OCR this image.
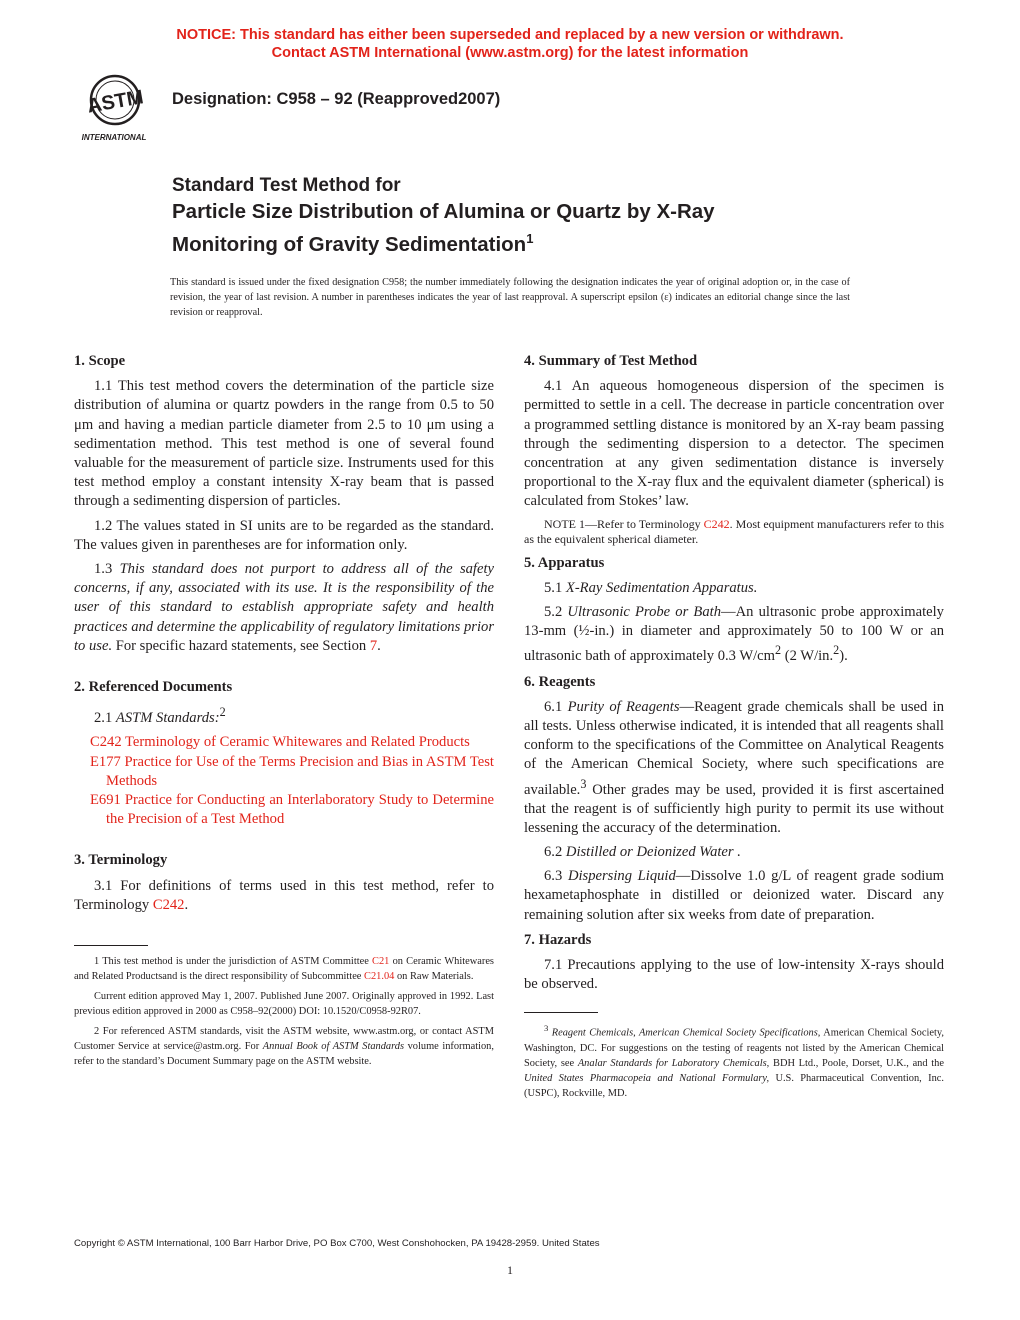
NOTICE: This standard has either been superseded and replaced by a new version or withdrawn.
Contact ASTM International (www.astm.org) for the latest information
ASTM
INTERNATIONAL
Designation: C958 – 92 (Reapproved2007)
Standard Test Method for
Particle Size Distribution of Alumina or Quartz by X-Ray
Monitoring of Gravity Sedimentation$^1$
This standard is issued under the fixed designation C958; the number immediately following the designation indicates the year of original adoption or, in the case of revision, the year of last revision. A number in parentheses indicates the year of last reapproval. A superscript epsilon (ε) indicates an editorial change since the last revision or reapproval.
1. Scope

1.1 This test method covers the determination of the particle size distribution of alumina or quartz powders in the range from 0.5 to 50 μm and having a median particle diameter from 2.5 to 10 μm using a sedimentation method. This test method is one of several found valuable for the measurement of particle size. Instruments used for this test method employ a constant intensity X-ray beam that is passed through a sedimenting dispersion of particles.

1.2 The values stated in SI units are to be regarded as the standard. The values given in parentheses are for information only.

1.3 This standard does not purport to address all of the safety concerns, if any, associated with its use. It is the responsibility of the user of this standard to establish appropriate safety and health practices and determine the applicability of regulatory limitations prior to use. For specific hazard statements, see Section 7.

2. Referenced Documents

2.1 ASTM Standards:$^2$

C242 Terminology of Ceramic Whitewares and Related Products
E177 Practice for Use of the Terms Precision and Bias in ASTM Test Methods
E691 Practice for Conducting an Interlaboratory Study to Determine the Precision of a Test Method
3. Terminology

3.1 For definitions of terms used in this test method, refer to Terminology C242.

1 This test method is under the jurisdiction of ASTM Committee C21 on Ceramic Whitewares and Related Productsand is the direct responsibility of Subcommittee C21.04 on Raw Materials.

Current edition approved May 1, 2007. Published June 2007. Originally approved in 1992. Last previous edition approved in 2000 as C958–92(2000) DOI: 10.1520/C0958-92R07.

2 For referenced ASTM standards, visit the ASTM website, www.astm.org, or contact ASTM Customer Service at service@astm.org. For Annual Book of ASTM Standards volume information, refer to the standard’s Document Summary page on the ASTM website.

4. Summary of Test Method

4.1 An aqueous homogeneous dispersion of the specimen is permitted to settle in a cell. The decrease in particle concentration over a programmed settling distance is monitored by an X-ray beam passing through the sedimenting dispersion to a detector. The specimen concentration at any given sedimentation distance is inversely proportional to the X-ray flux and the equivalent diameter (spherical) is calculated from Stokes’ law.

NOTE 1—Refer to Terminology C242. Most equipment manufacturers refer to this as the equivalent spherical diameter.

5. Apparatus

5.1 X-Ray Sedimentation Apparatus.

5.2 Ultrasonic Probe or Bath—An ultrasonic probe approximately 13-mm (½-in.) in diameter and approximately 50 to 100 W or an ultrasonic bath of approximately 0.3 $W/cm^2$ (2 W/in.$^2$).

6. Reagents

6.1 Purity of Reagents—Reagent grade chemicals shall be used in all tests. Unless otherwise indicated, it is intended that all reagents shall conform to the specifications of the Committee on Analytical Reagents of the American Chemical Society, where such specifications are available.$^3$ Other grades may be used, provided it is first ascertained that the reagent is of sufficiently high purity to permit its use without lessening the accuracy of the determination.

6.2 Distilled or Deionized Water .

6.3 Dispersing Liquid—Dissolve 1.0 g/L of reagent grade sodium hexametaphosphate in distilled or deionized water. Discard any remaining solution after six weeks from date of preparation.

7. Hazards

7.1 Precautions applying to the use of low-intensity X-rays should be observed.

$^3$ Reagent Chemicals, American Chemical Society Specifications, American Chemical Society, Washington, DC. For suggestions on the testing of reagents not listed by the American Chemical Society, see Analar Standards for Laboratory Chemicals, BDH Ltd., Poole, Dorset, U.K., and the United States Pharmacopeia and National Formulary, U.S. Pharmaceutical Convention, Inc. (USPC), Rockville, MD.

Copyright © ASTM International, 100 Barr Harbor Drive, PO Box C700, West Conshohocken, PA 19428-2959. United States
1
